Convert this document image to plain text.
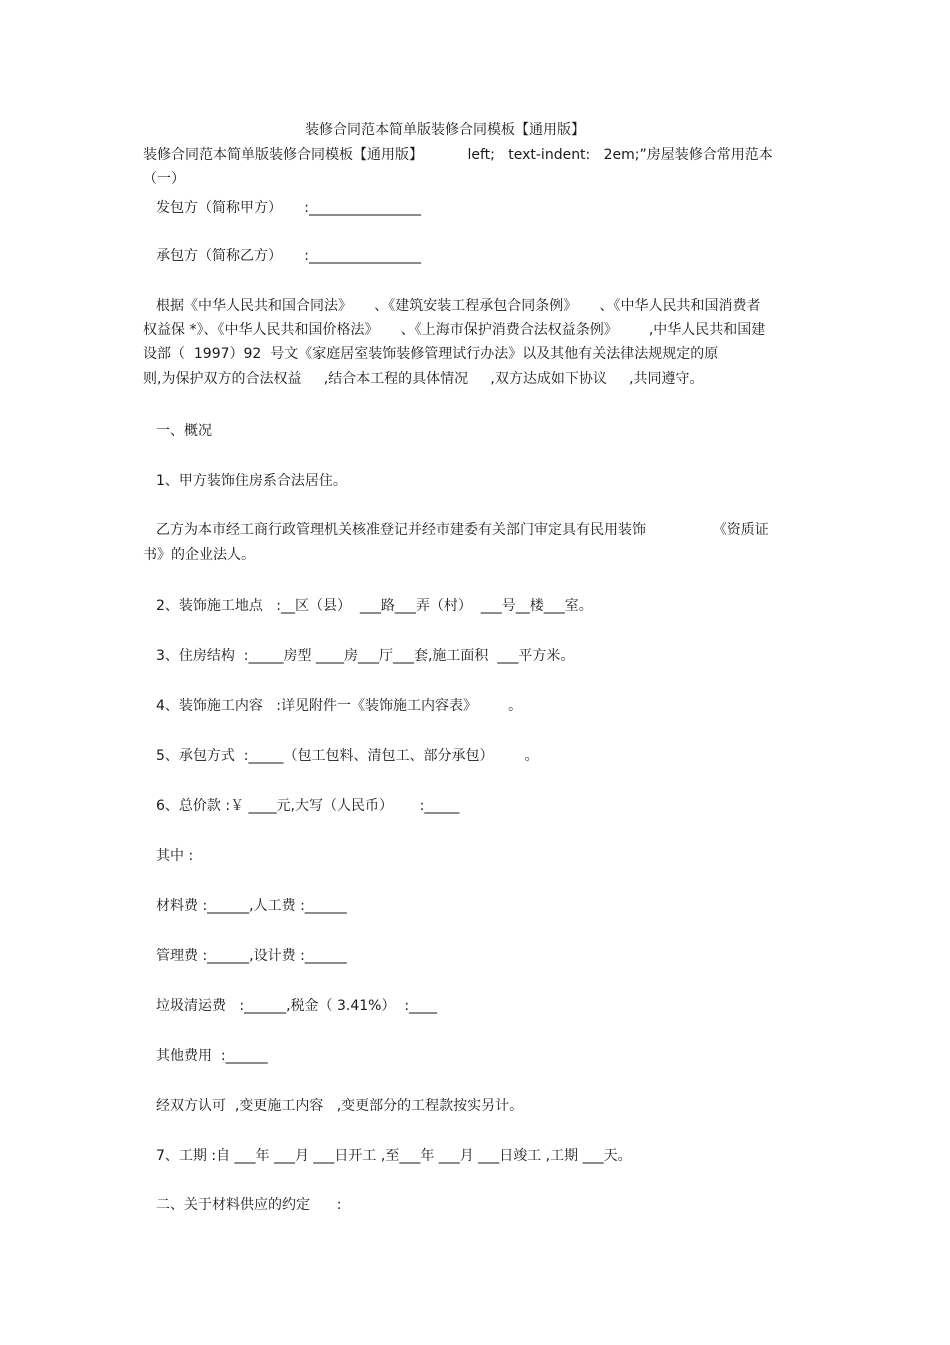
装修合同范本简单版装修合同模板【通用版】
装修合同范本简单版装修合同模板【通用版】          left;   text-indent:   2em;”房屋装修合常用范本
（一）
发包方（简称甲方）     :________________
承包方（简称乙方）     :________________
根据《中华人民共和国合同法》     、《建筑安装工程承包合同条例》     、《中华人民共和国消费者
权益保 *》、《中华人民共和国价格法》     、《上海市保护消费合法权益条例》       ,中华人民共和国建
设部（  1997）92  号文《家庭居室装饰装修管理试行办法》以及其他有关法律法规规定的原
则,为保护双方的合法权益     ,结合本工程的具体情况     ,双方达成如下协议     ,共同遵守。
一、概况
1、甲方装饰住房系合法居住。
乙方为本市经工商行政管理机关核准登记并经市建委有关部门审定具有民用装饰               《资质证
书》的企业法人。
2、装饰施工地点   :__区（县）  ___路___弄（村）  ___号__楼___室。
3、住房结构  :_____房型 ____房___厅___套,施工面积  ___平方米。
4、装饰施工内容   :详见附件一《装饰施工内容表》       。
5、承包方式  :_____（包工包料、清包工、部分承包）       。
6、总价款 :￥ ____元,大写（人民币）      :_____
其中 :
材料费 :______,人工费 :______
管理费 :______,设计费 :______
垃圾清运费   :______,税金（ 3.41%）  :____
其他费用  :______
经双方认可  ,变更施工内容   ,变更部分的工程款按实另计。
7、工期 :自 ___年 ___月 ___日开工 ,至___年 ___月 ___日竣工 ,工期 ___天。
二、关于材料供应的约定      :
